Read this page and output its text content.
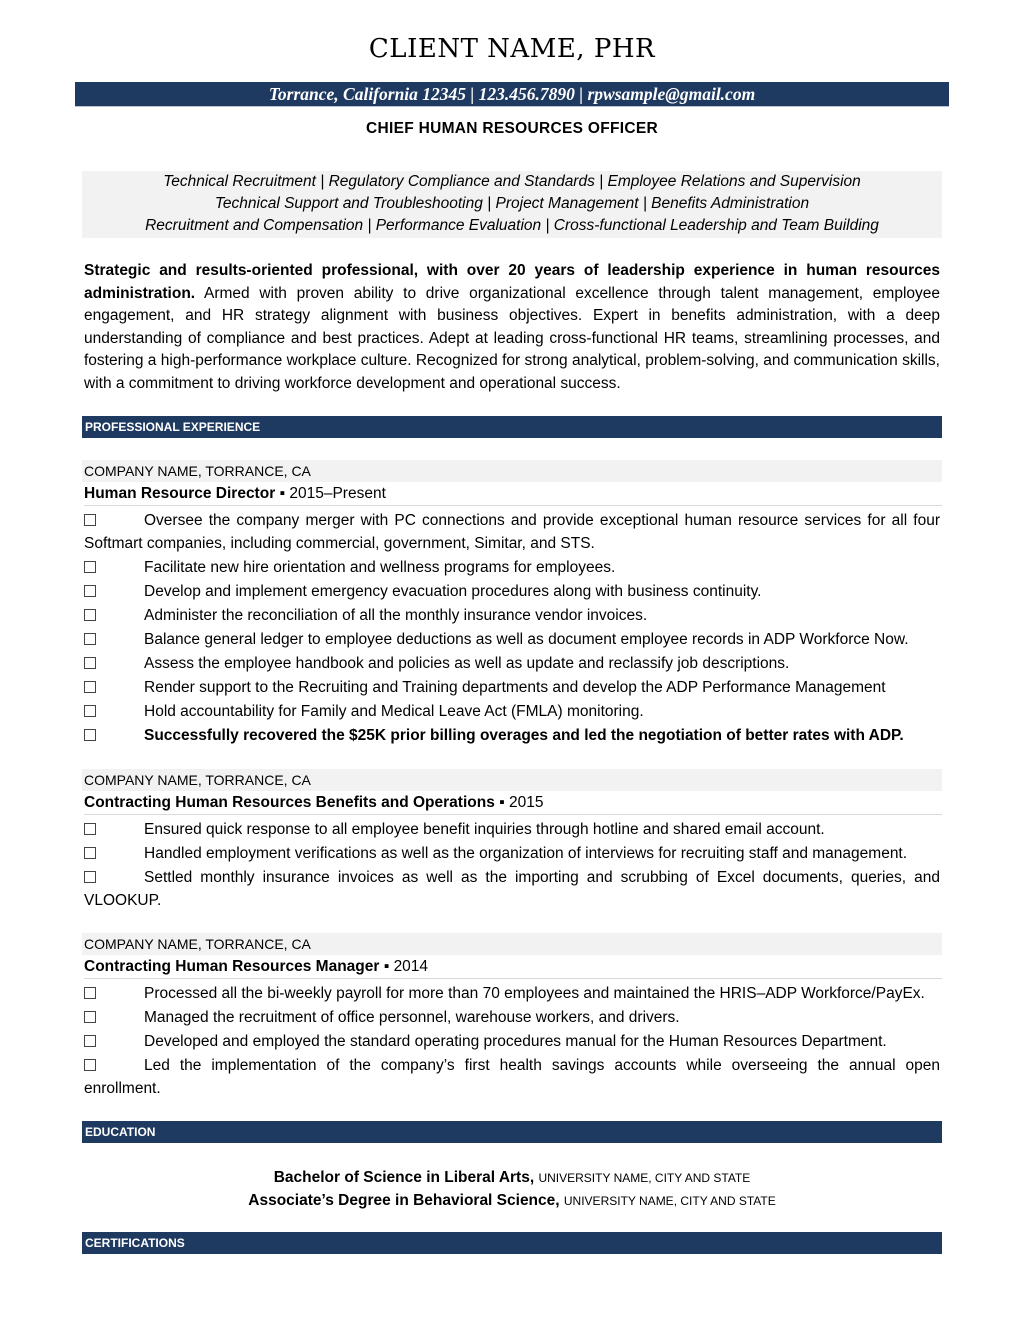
CLIENT NAME, PHR
Torrance, California 12345 | 123.456.7890 | rpwsample@gmail.com
CHIEF HUMAN RESOURCES OFFICER
Technical Recruitment | Regulatory Compliance and Standards | Employee Relations and Supervision
Technical Support and Troubleshooting | Project Management | Benefits Administration
Recruitment and Compensation | Performance Evaluation | Cross-functional Leadership and Team Building
Strategic and results-oriented professional, with over 20 years of leadership experience in human resources administration. Armed with proven ability to drive organizational excellence through talent management, employee engagement, and HR strategy alignment with business objectives. Expert in benefits administration, with a deep understanding of compliance and best practices. Adept at leading cross-functional HR teams, streamlining processes, and fostering a high-performance workplace culture. Recognized for strong analytical, problem-solving, and communication skills, with a commitment to driving workforce development and operational success.
PROFESSIONAL EXPERIENCE
COMPANY NAME, TORRANCE, CA
Human Resource Director ▪ 2015–Present
Oversee the company merger with PC connections and provide exceptional human resource services for all four Softmart companies, including commercial, government, Simitar, and STS.
Facilitate new hire orientation and wellness programs for employees.
Develop and implement emergency evacuation procedures along with business continuity.
Administer the reconciliation of all the monthly insurance vendor invoices.
Balance general ledger to employee deductions as well as document employee records in ADP Workforce Now.
Assess the employee handbook and policies as well as update and reclassify job descriptions.
Render support to the Recruiting and Training departments and develop the ADP Performance Management
Hold accountability for Family and Medical Leave Act (FMLA) monitoring.
Successfully recovered the $25K prior billing overages and led the negotiation of better rates with ADP.
COMPANY NAME, TORRANCE, CA
Contracting Human Resources Benefits and Operations ▪ 2015
Ensured quick response to all employee benefit inquiries through hotline and shared email account.
Handled employment verifications as well as the organization of interviews for recruiting staff and management.
Settled monthly insurance invoices as well as the importing and scrubbing of Excel documents, queries, and VLOOKUP.
COMPANY NAME, TORRANCE, CA
Contracting Human Resources Manager ▪ 2014
Processed all the bi-weekly payroll for more than 70 employees and maintained the HRIS–ADP Workforce/PayEx.
Managed the recruitment of office personnel, warehouse workers, and drivers.
Developed and employed the standard operating procedures manual for the Human Resources Department.
Led the implementation of the company’s first health savings accounts while overseeing the annual open enrollment.
EDUCATION
Bachelor of Science in Liberal Arts, UNIVERSITY NAME, CITY AND STATE
Associate’s Degree in Behavioral Science, UNIVERSITY NAME, CITY AND STATE
CERTIFICATIONS
